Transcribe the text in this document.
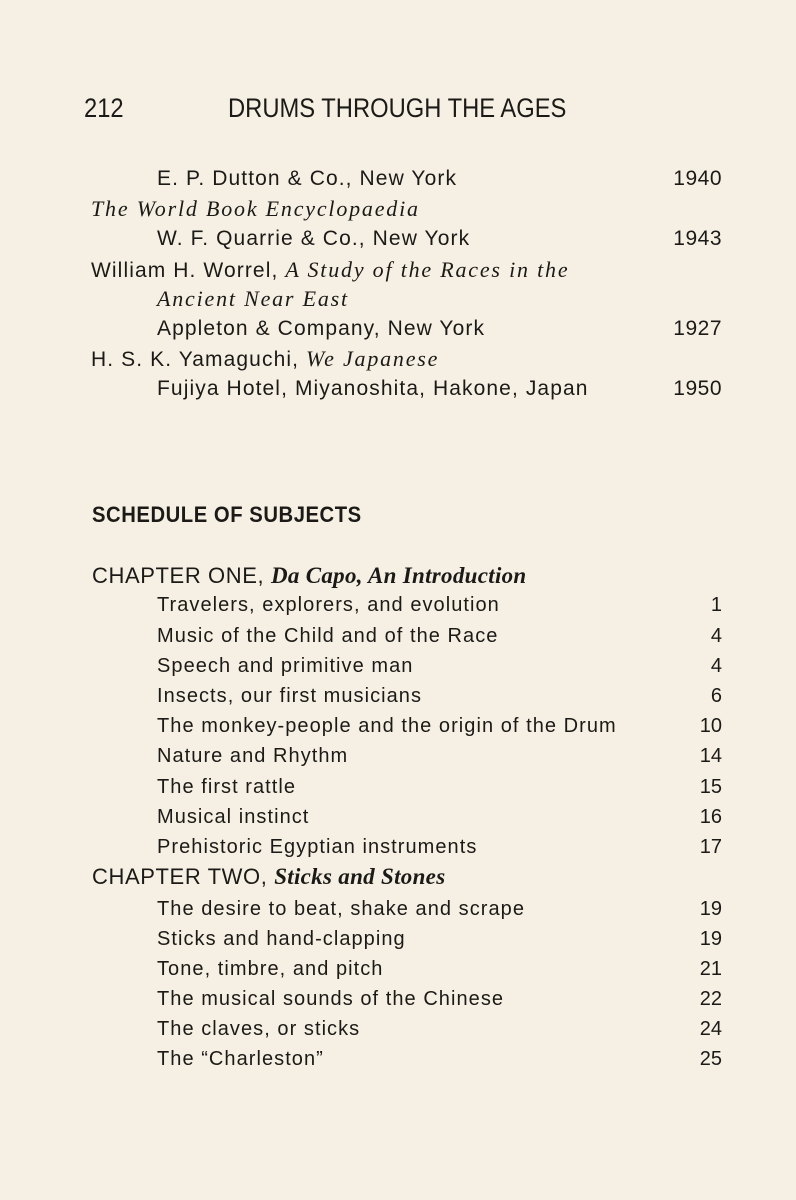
212	DRUMS THROUGH THE AGES
E. P. Dutton & Co., New York	1940
The World Book Encyclopaedia
W. F. Quarrie & Co., New York	1943
William H. Worrel, A Study of the Races in the
Ancient Near East
Appleton & Company, New York	1927
H. S. K. Yamaguchi, We Japanese
Fujiya Hotel, Miyanoshita, Hakone, Japan	1950
SCHEDULE OF SUBJECTS
CHAPTER ONE, Da Capo, An Introduction
Travelers, explorers, and evolution	1
Music of the Child and of the Race	4
Speech and primitive man	4
Insects, our first musicians	6
The monkey-people and the origin of the Drum	10
Nature and Rhythm	14
The first rattle	15
Musical instinct	16
Prehistoric Egyptian instruments	17
CHAPTER TWO, Sticks and Stones
The desire to beat, shake and scrape	19
Sticks and hand-clapping	19
Tone, timbre, and pitch	21
The musical sounds of the Chinese	22
The claves, or sticks	24
The “Charleston”	25
